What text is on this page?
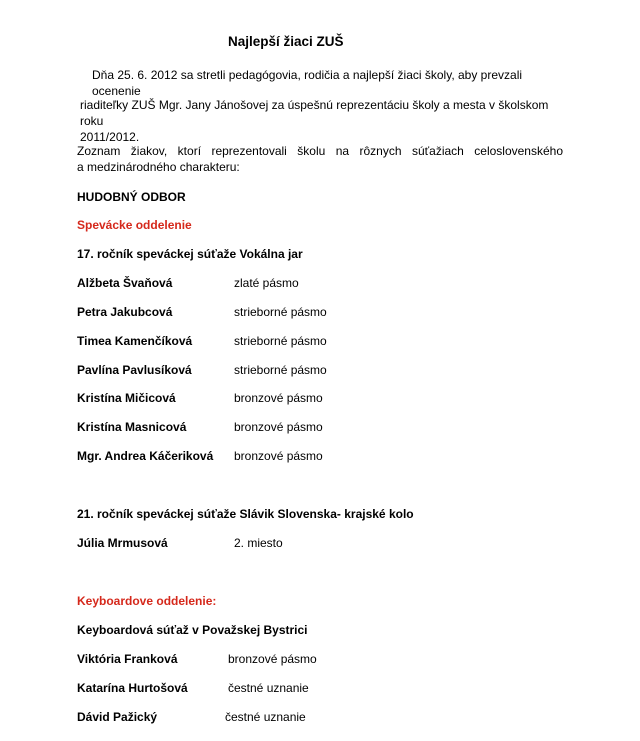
Najlepší žiaci ZUŠ
Dňa 25. 6. 2012 sa stretli pedagógovia, rodičia a najlepší žiaci školy, aby prevzali ocenenie
riaditeľky ZUŠ Mgr. Jany Jánošovej za úspešnú reprezentáciu školy a mesta v školskom roku
2011/2012.
Zoznam žiakov, ktorí reprezentovali školu na rôznych súťažiach celoslovenského
a medzinárodného charakteru:
HUDOBNÝ ODBOR
Spevácke oddelenie
17. ročník speváckej súťaže Vokálna jar
Alžbeta Švaňová	zlaté pásmo
Petra Jakubcová	strieborné pásmo
Timea Kamenčíková	strieborné pásmo
Pavlína Pavlusíková	strieborné pásmo
Kristína Mičicová	bronzové pásmo
Kristína Masnicová	bronzové pásmo
Mgr. Andrea Káčeriková bronzové pásmo
21. ročník speváckej súťaže Slávik Slovenska- krajské kolo
Júlia Mrmusová	2. miesto
Keyboardove oddelenie:
Keyboardová súťaž v Považskej Bystrici
Viktória Franková	bronzové pásmo
Katarína Hurtošová	čestné uznanie
Dávid Pažický	čestné uznanie
